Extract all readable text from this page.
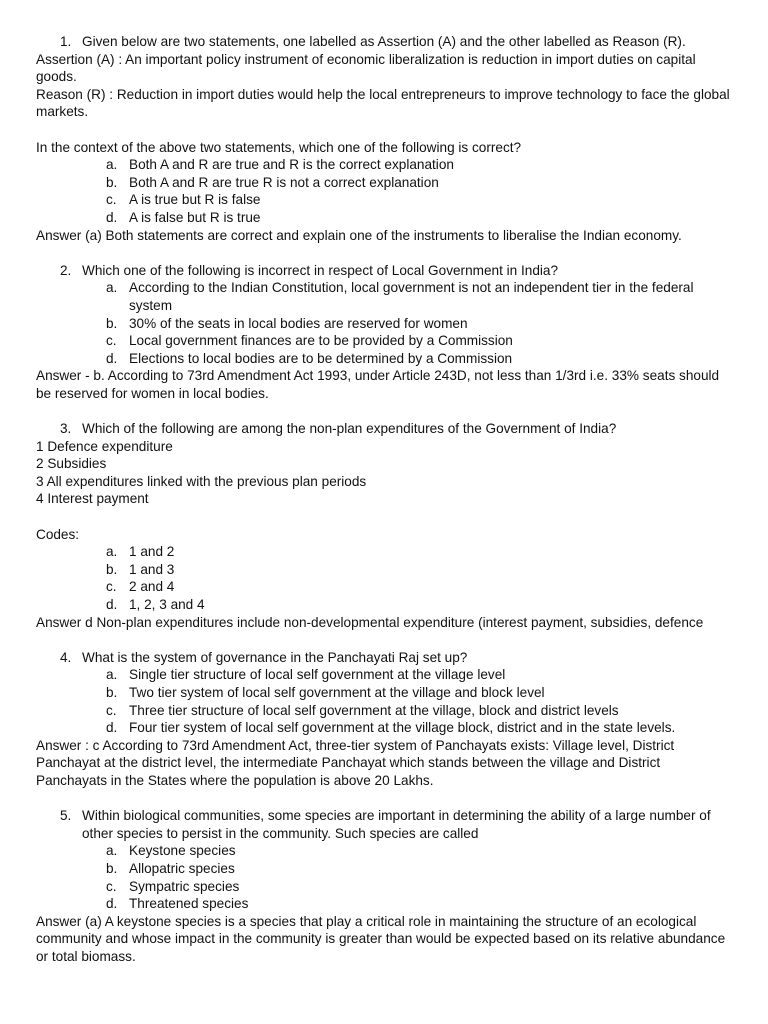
1. Given below are two statements, one labelled as Assertion (A) and the other labelled as Reason (R).

Assertion (A) : An important policy instrument of economic liberalization is reduction in import duties on capital goods.

Reason (R) : Reduction in import duties would help the local entrepreneurs to improve technology to face the global markets.

In the context of the above two statements, which one of the following is correct?

a. Both A and R are true and R is the correct explanation
b. Both A and R are true R is not a correct explanation
c. A is true but R is false
d. A is false but R is true

Answer (a) Both statements are correct and explain one of the instruments to liberalise the Indian economy.

2. Which one of the following is incorrect in respect of Local Government in India?
a. According to the Indian Constitution, local government is not an independent tier in the federal system
b. 30% of the seats in local bodies are reserved for women
c. Local government finances are to be provided by a Commission
d. Elections to local bodies are to be determined by a Commission

Answer - b. According to 73rd Amendment Act 1993, under Article 243D, not less than 1/3rd i.e. 33% seats should be reserved for women in local bodies.

3. Which of the following are among the non-plan expenditures of the Government of India?

1 Defence expenditure

2 Subsidies

3 All expenditures linked with the previous plan periods

4 Interest payment

Codes:

a. 1 and 2
b. 1 and 3
c. 2 and 4
d. 1, 2, 3 and 4

Answer d Non-plan expenditures include non-developmental expenditure (interest payment, subsidies, defence

4. What is the system of governance in the Panchayati Raj set up?
a. Single tier structure of local self government at the village level
b. Two tier system of local self government at the village and block level
c. Three tier structure of local self government at the village, block and district levels
d. Four tier system of local self government at the village block, district and in the state levels.

Answer : c According to 73rd Amendment Act, three-tier system of Panchayats exists: Village level, District Panchayat at the district level, the intermediate Panchayat which stands between the village and District Panchayats in the States where the population is above 20 Lakhs.

5. Within biological communities, some species are important in determining the ability of a large number of other species to persist in the community. Such species are called
a. Keystone species
b. Allopatric species
c. Sympatric species
d. Threatened species

Answer (a) A keystone species is a species that play a critical role in maintaining the structure of an ecological community and whose impact in the community is greater than would be expected based on its relative abundance or total biomass.
